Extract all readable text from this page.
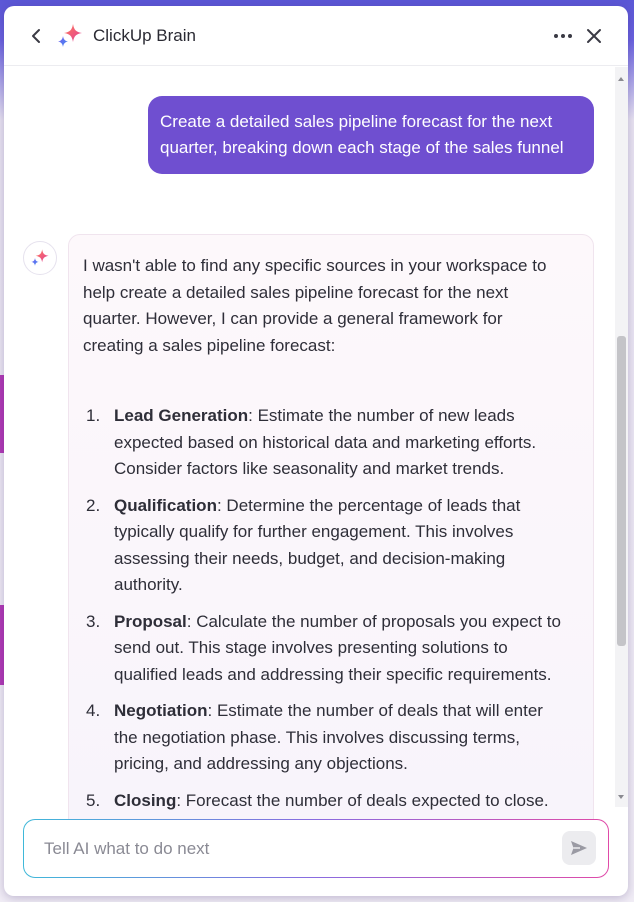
ClickUp Brain
Create a detailed sales pipeline forecast for the next quarter, breaking down each stage of the sales funnel

I wasn't able to find any specific sources in your workspace to help create a detailed sales pipeline forecast for the next quarter. However, I can provide a general framework for creating a sales pipeline forecast:

1. Lead Generation: Estimate the number of new leads expected based on historical data and marketing efforts. Consider factors like seasonality and market trends.
2. Qualification: Determine the percentage of leads that typically qualify for further engagement. This involves assessing their needs, budget, and decision-making authority.
3. Proposal: Calculate the number of proposals you expect to send out. This stage involves presenting solutions to qualified leads and addressing their specific requirements.
4. Negotiation: Estimate the number of deals that will enter the negotiation phase. This involves discussing terms, pricing, and addressing any objections.
5. Closing: Forecast the number of deals expected to close.
Tell AI what to do next
